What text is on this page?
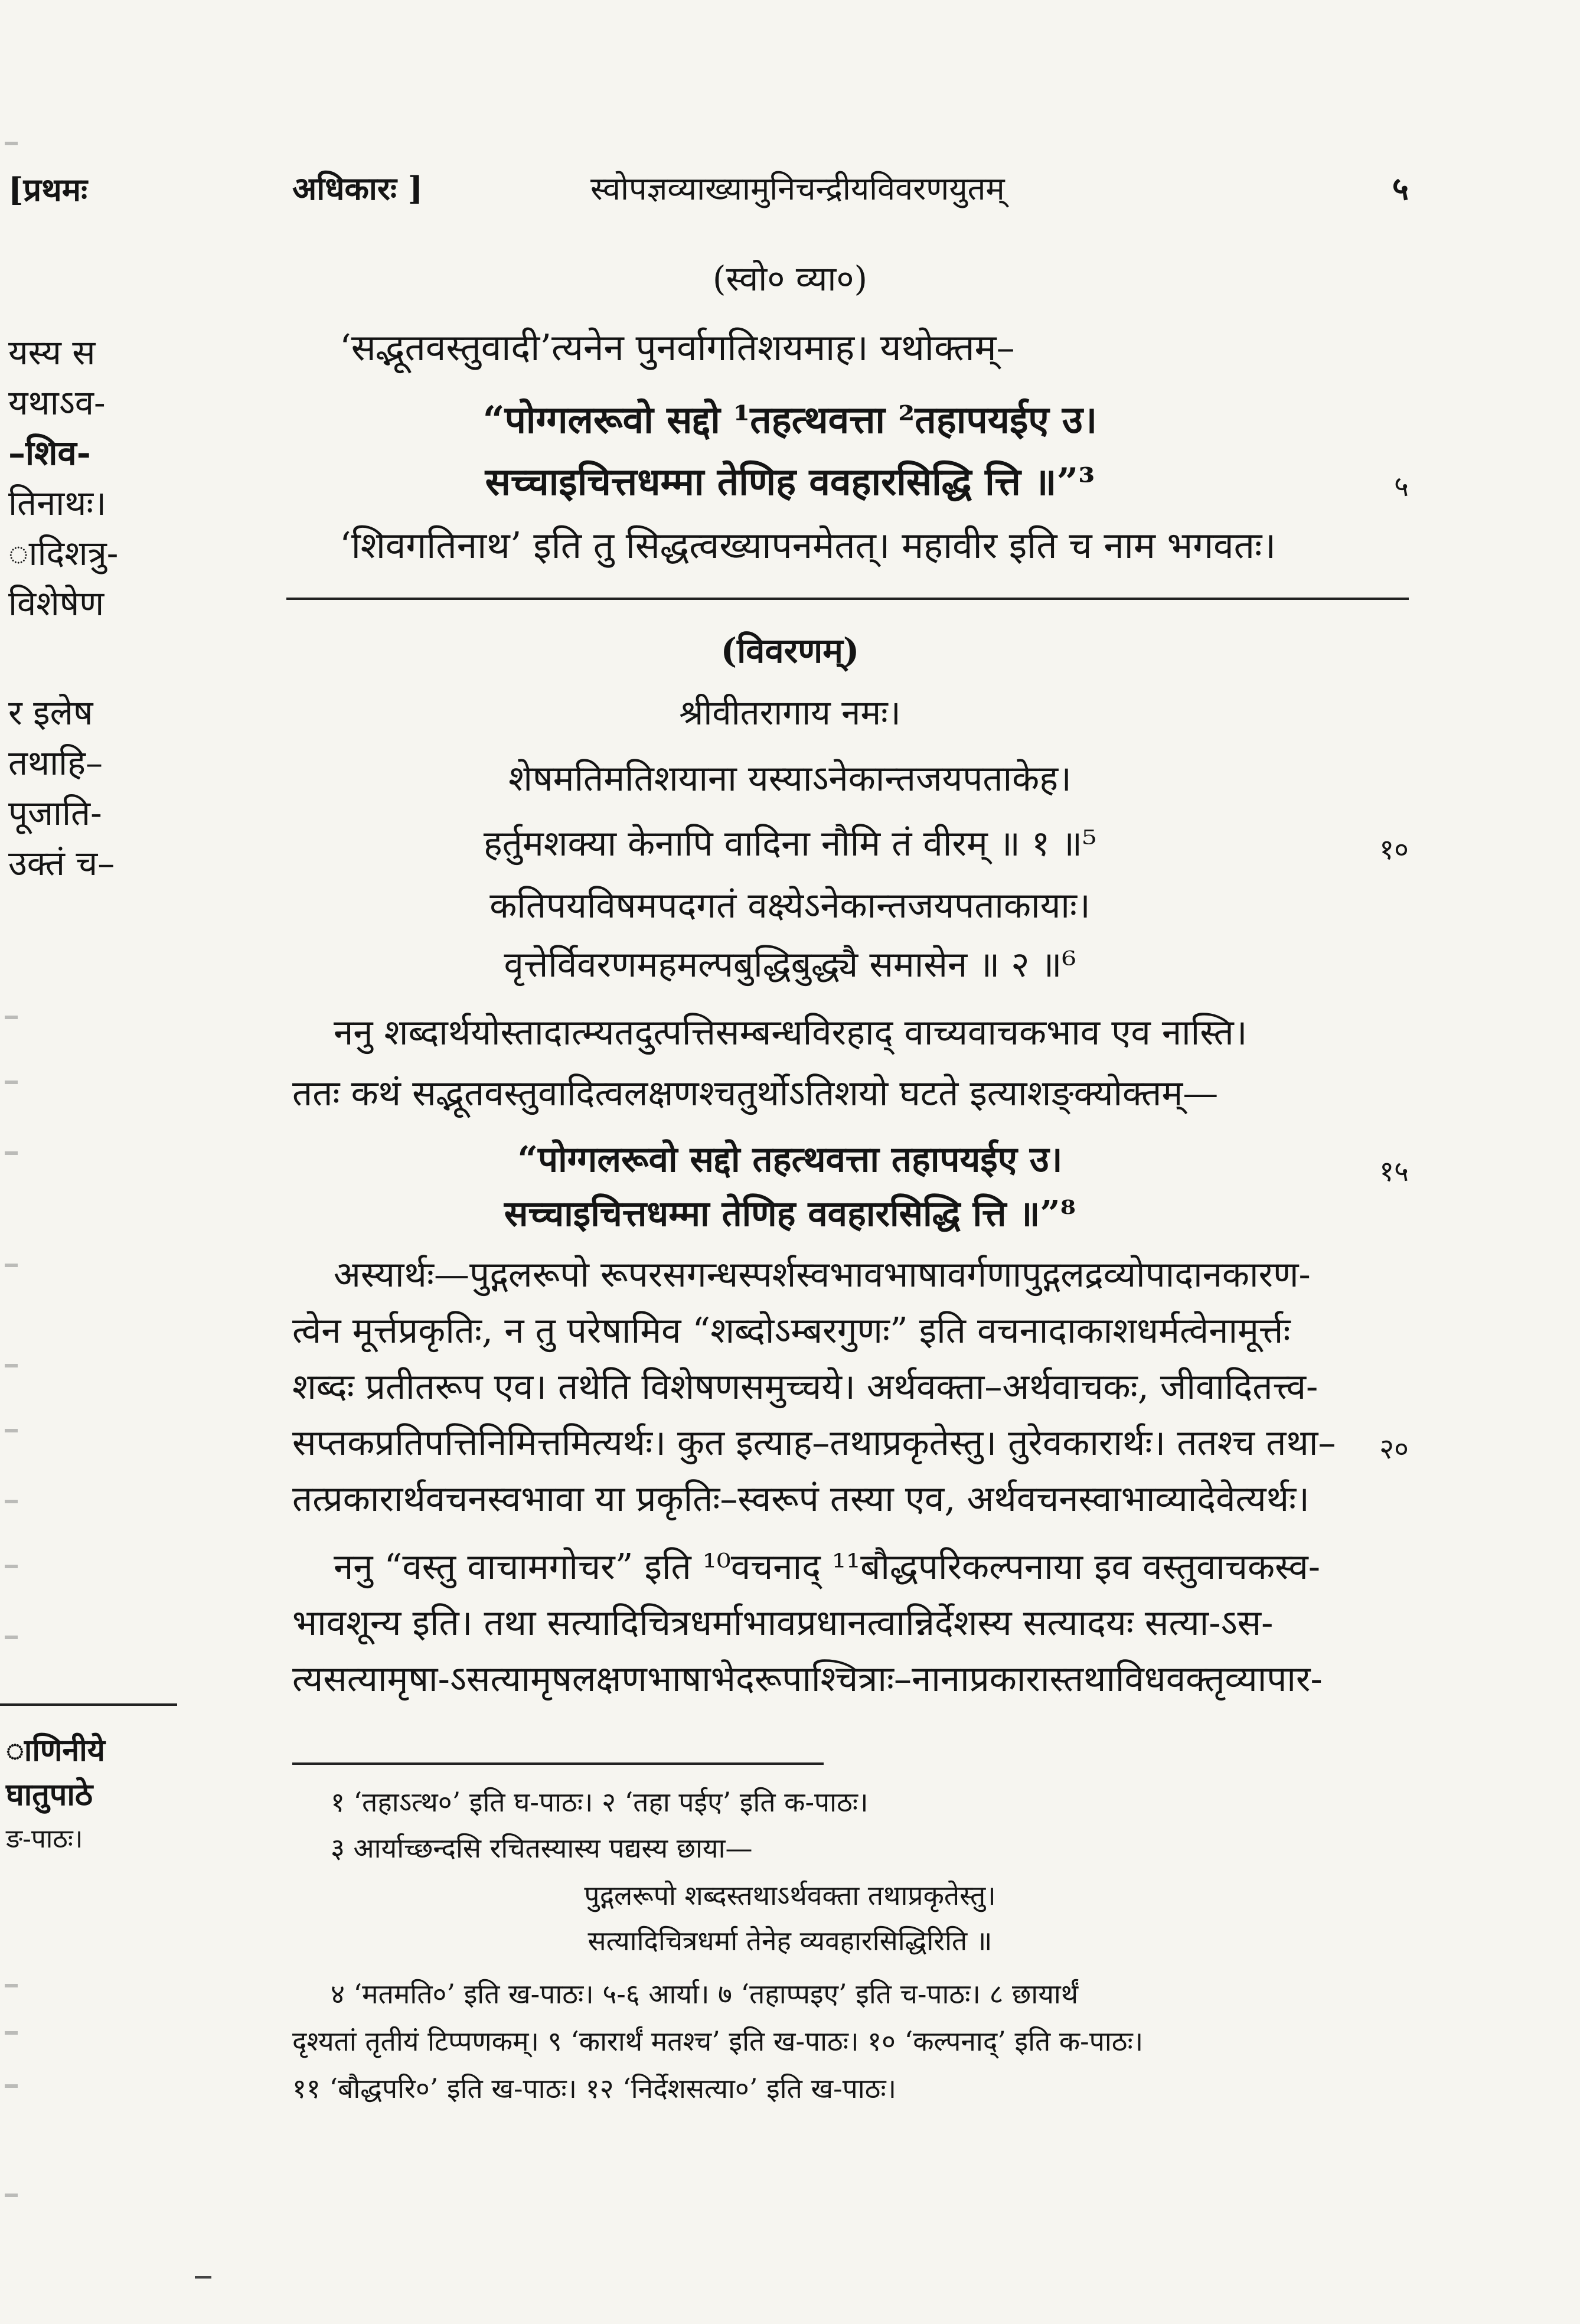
[प्रथमः
यस्य स
यथाऽव-
–शिव-
तिनाथः।
ादिशत्रु-
विशेषेण
र इलेष
तथाहि–
पूजाति-
उक्तं च–
ाणिनीये
घातुपाठे
ङ-पाठः।
अधिकारः ]	स्वोपज्ञव्याख्यामुनिचन्द्रीयविवरणयुतम्	५
(स्वो० व्या०)
‘सद्भूतवस्तुवादी’त्यनेन पुनर्वागतिशयमाह। यथोक्तम्–
“पोग्गलरूवो सद्दो ¹तहत्थवत्ता ²तहापयईए उ।
सच्चाइचित्तधम्मा तेणिह ववहारसिद्धि त्ति ॥”³	५
‘शिवगतिनाथ’ इति तु सिद्धत्वख्यापनमेतत्। महावीर इति च नाम भगवतः।
(विवरणम्)
श्रीवीतरागाय नमः।
शेषमतिमतिशयाना यस्याऽनेकान्तजयपताकेह।
हर्तुमशक्या केनापि वादिना नौमि तं वीरम् ॥ १ ॥⁵	१०
कतिपयविषमपदगतं वक्ष्येऽनेकान्तजयपताकायाः।
वृत्तेर्विवरणमहमल्पबुद्धिबुद्ध्यै समासेन ॥ २ ॥⁶
ननु शब्दार्थयोस्तादात्म्यतदुत्पत्तिसम्बन्धविरहाद् वाच्यवाचकभाव एव नास्ति।
ततः कथं सद्भूतवस्तुवादित्वलक्षणश्चतुर्थोऽतिशयो घटते इत्याशङ्क्योक्तम्—
“पोग्गलरूवो सद्दो तहत्थवत्ता तहापयईए उ।
सच्चाइचित्तधम्मा तेणिह ववहारसिद्धि त्ति ॥”⁸
१५
अस्यार्थः—पुद्गलरूपो रूपरसगन्धस्पर्शस्वभावभाषावर्गणापुद्गलद्रव्योपादानकारण-
त्वेन मूर्त्तप्रकृतिः, न तु परेषामिव “शब्दोऽम्बरगुणः” इति वचनादाकाशधर्मत्वेनामूर्त्तः
शब्दः प्रतीतरूप एव। तथेति विशेषणसमुच्चये। अर्थवक्ता–अर्थवाचकः, जीवादितत्त्व-
सप्तकप्रतिपत्तिनिमित्तमित्यर्थः। कुत इत्याह–तथाप्रकृतेस्तु। तुरेवकारार्थः। ततश्च तथा–	२०
तत्प्रकारार्थवचनस्वभावा या प्रकृतिः–स्वरूपं तस्या एव, अर्थवचनस्वाभाव्यादेवेत्यर्थः।
ननु “वस्तु वाचामगोचर” इति ¹⁰वचनाद् ¹¹बौद्धपरिकल्पनाया इव वस्तुवाचकस्व-
भावशून्य इति। तथा सत्यादिचित्रधर्माभावप्रधानत्वान्निर्देशस्य सत्यादयः सत्या-ऽस-
त्यसत्यामृषा-ऽसत्यामृषलक्षणभाषाभेदरूपाश्चित्राः–नानाप्रकारास्तथाविधवक्तृव्यापार-
१ ‘तहाऽत्थ०’ इति घ-पाठः। २ ‘तहा पईए’ इति क-पाठः।
३ आर्याच्छन्दसि रचितस्यास्य पद्यस्य छाया—
पुद्गलरूपो शब्दस्तथाऽर्थवक्ता तथाप्रकृतेस्तु।
सत्यादिचित्रधर्मा तेनेह व्यवहारसिद्धिरिति ॥
४ ‘मतमति०’ इति ख-पाठः। ५-६ आर्या। ७ ‘तहाप्पइए’ इति च-पाठः। ८ छायार्थं
दृश्यतां तृतीयं टिप्पणकम्। ९ ‘कारार्थं मतश्च’ इति ख-पाठः। १० ‘कल्पनाद्’ इति क-पाठः।
११ ‘बौद्धपरि०’ इति ख-पाठः। १२ ‘निर्देशसत्या०’ इति ख-पाठः।
